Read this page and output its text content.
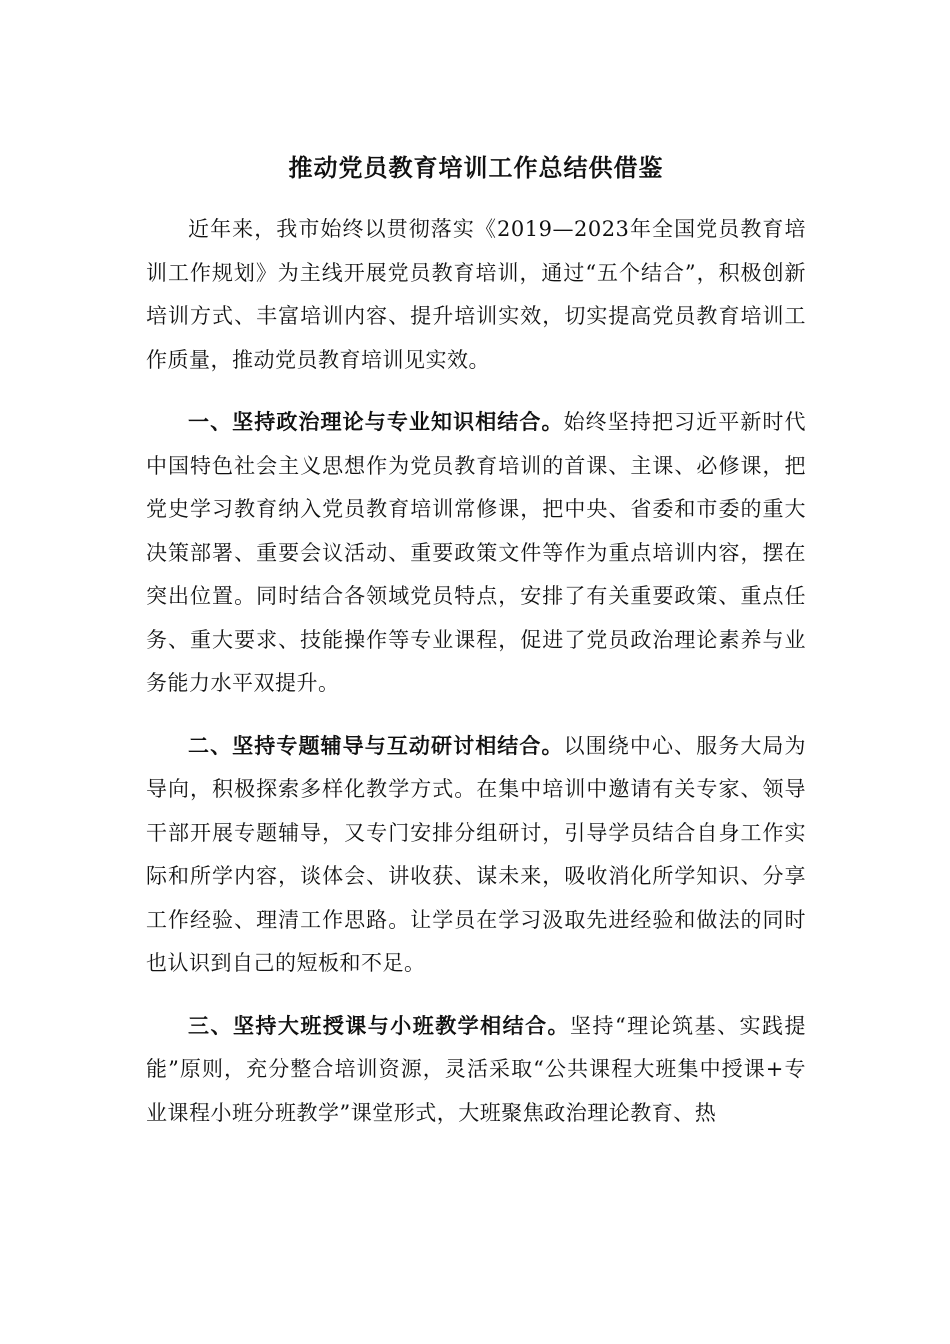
推动党员教育培训工作总结供借鉴

近年来，我市始终以贯彻落实《2019—2023年全国党员教育培训工作规划》为主线开展党员教育培训，通过“五个结合”，积极创新培训方式、丰富培训内容、提升培训实效，切实提高党员教育培训工作质量，推动党员教育培训见实效。

一、坚持政治理论与专业知识相结合。始终坚持把习近平新时代中国特色社会主义思想作为党员教育培训的首课、主课、必修课，把党史学习教育纳入党员教育培训常修课，把中央、省委和市委的重大决策部署、重要会议活动、重要政策文件等作为重点培训内容，摆在突出位置。同时结合各领域党员特点，安排了有关重要政策、重点任务、重大要求、技能操作等专业课程，促进了党员政治理论素养与业务能力水平双提升。

二、坚持专题辅导与互动研讨相结合。以围绕中心、服务大局为导向，积极探索多样化教学方式。在集中培训中邀请有关专家、领导干部开展专题辅导，又专门安排分组研讨，引导学员结合自身工作实际和所学内容，谈体会、讲收获、谋未来，吸收消化所学知识、分享工作经验、理清工作思路。让学员在学习汲取先进经验和做法的同时也认识到自己的短板和不足。

三、坚持大班授课与小班教学相结合。坚持“理论筑基、实践提能”原则，充分整合培训资源，灵活采取“公共课程大班集中授课+专业课程小班分班教学”课堂形式，大班聚焦政治理论教育、热
